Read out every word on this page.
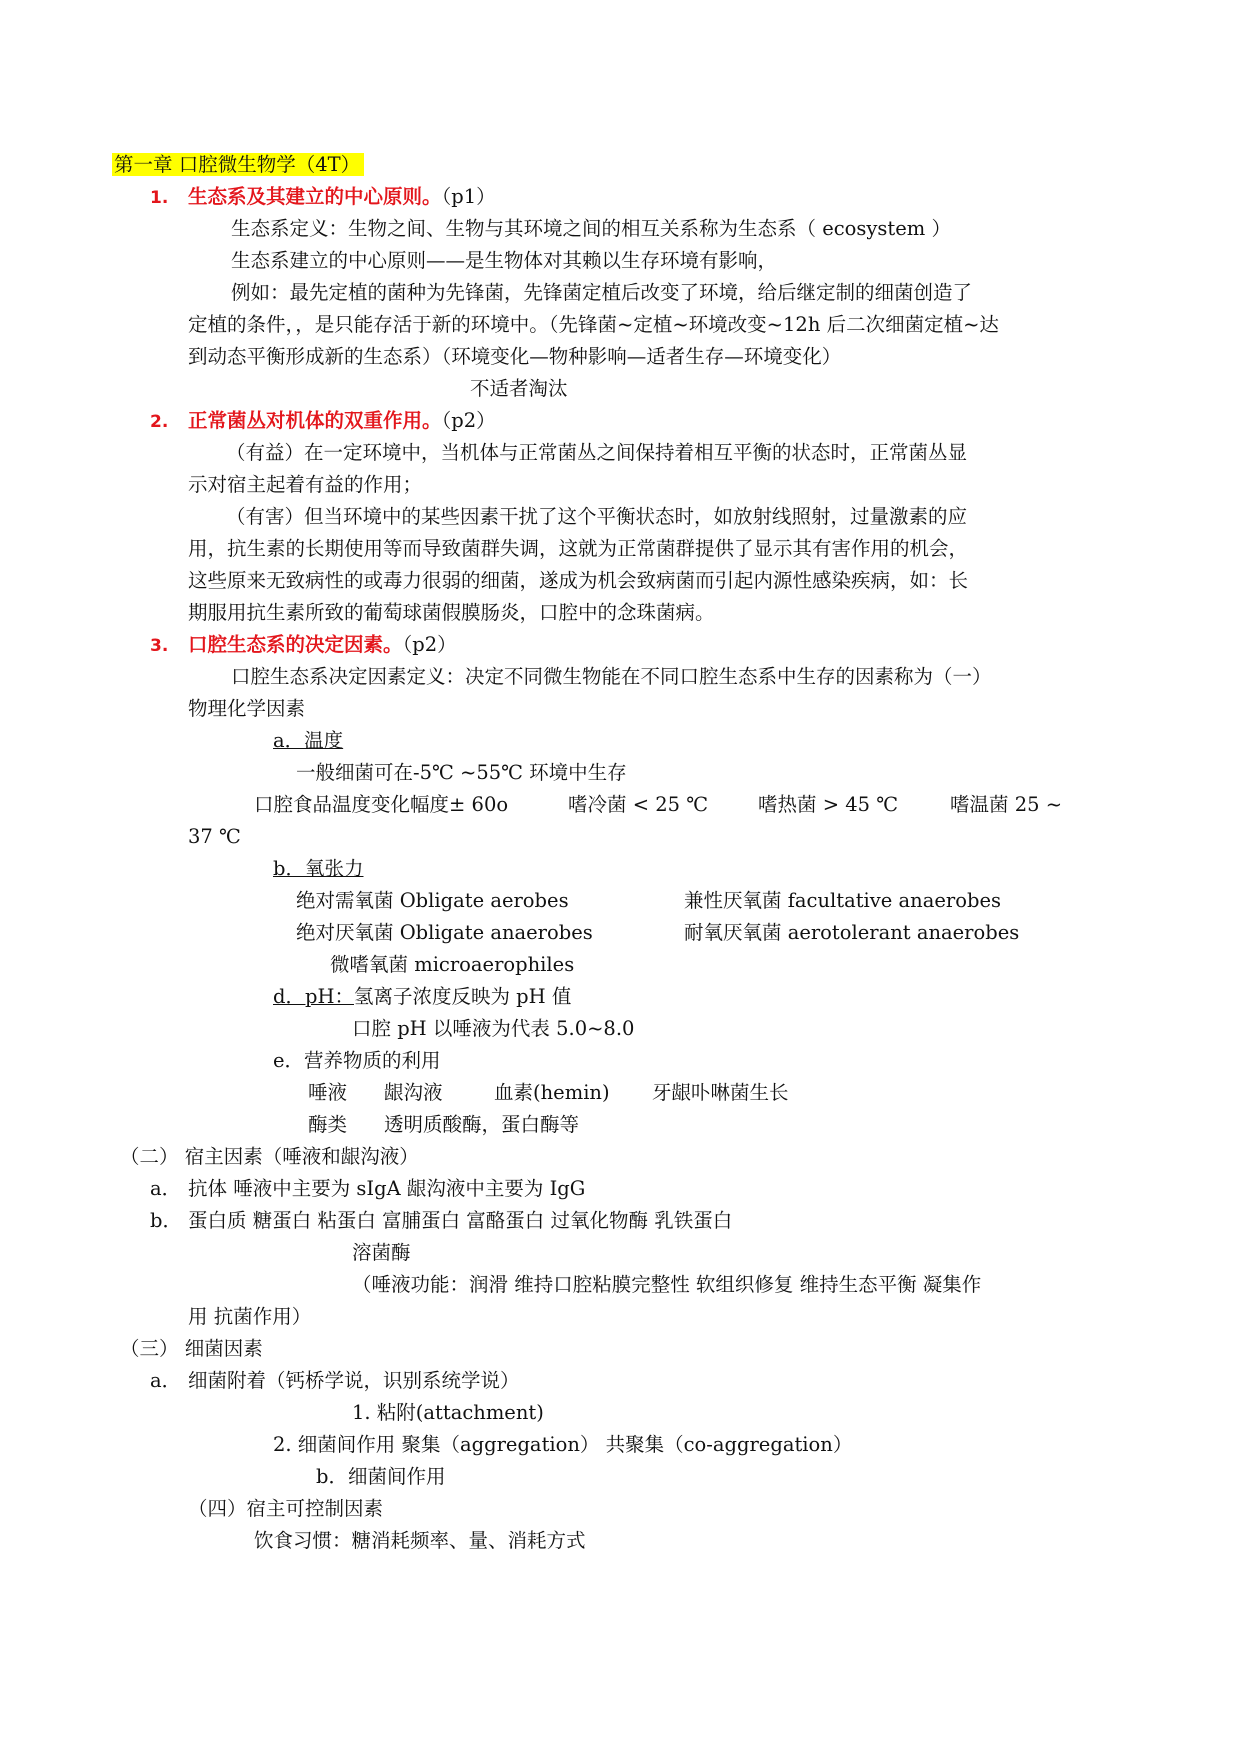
第一章 口腔微生物学（4T）
1. 生态系及其建立的中心原则。（p1）
生态系定义：生物之间、生物与其环境之间的相互关系称为生态系（ ecosystem ）
生态系建立的中心原则——是生物体对其赖以生存环境有影响，
例如：最先定植的菌种为先锋菌，先锋菌定植后改变了环境，给后继定制的细菌创造了
定植的条件，，是只能存活于新的环境中。（先锋菌~定植~环境改变~12h 后二次细菌定植~达
到动态平衡形成新的生态系）（环境变化—物种影响—适者生存—环境变化）
不适者淘汰
2. 正常菌丛对机体的双重作用。（p2）
（有益）在一定环境中，当机体与正常菌丛之间保持着相互平衡的状态时，正常菌丛显
示对宿主起着有益的作用；
（有害）但当环境中的某些因素干扰了这个平衡状态时，如放射线照射，过量激素的应
用，抗生素的长期使用等而导致菌群失调，这就为正常菌群提供了显示其有害作用的机会，
这些原来无致病性的或毒力很弱的细菌，遂成为机会致病菌而引起内源性感染疾病，如：长
期服用抗生素所致的葡萄球菌假膜肠炎，口腔中的念珠菌病。
3. 口腔生态系的决定因素。（p2）
口腔生态系决定因素定义：决定不同微生物能在不同口腔生态系中生存的因素称为（一）
物理化学因素
a．温度
一般细菌可在-5℃ ~55℃ 环境中生存
口腔食品温度变化幅度± 60o	嗜冷菌 < 25 ℃	嗜热菌 > 45 ℃	嗜温菌 25 ~
37 ℃
b．氧张力
绝对需氧菌 Obligate aerobes	兼性厌氧菌 facultative anaerobes
绝对厌氧菌 Obligate anaerobes	耐氧厌氧菌 aerotolerant anaerobes
微嗜氧菌 microaerophiles
d．pH：氢离子浓度反映为 pH 值
口腔 pH 以唾液为代表 5.0~8.0
e．营养物质的利用
唾液 龈沟液	血素(hemin) 牙龈卟啉菌生长
酶类 透明质酸酶，蛋白酶等
（二） 宿主因素（唾液和龈沟液）
a． 抗体 唾液中主要为 sIgA 龈沟液中主要为 IgG
b． 蛋白质 糖蛋白 粘蛋白 富脯蛋白 富酪蛋白 过氧化物酶 乳铁蛋白
溶菌酶
（唾液功能：润滑 维持口腔粘膜完整性 软组织修复 维持生态平衡 凝集作
用 抗菌作用）
（三） 细菌因素
a． 细菌附着（钙桥学说，识别系统学说）
1. 粘附(attachment)
2. 细菌间作用 聚集（aggregation） 共聚集（co-aggregation）
b．细菌间作用
（四）宿主可控制因素
饮食习惯：糖消耗频率、量、消耗方式
